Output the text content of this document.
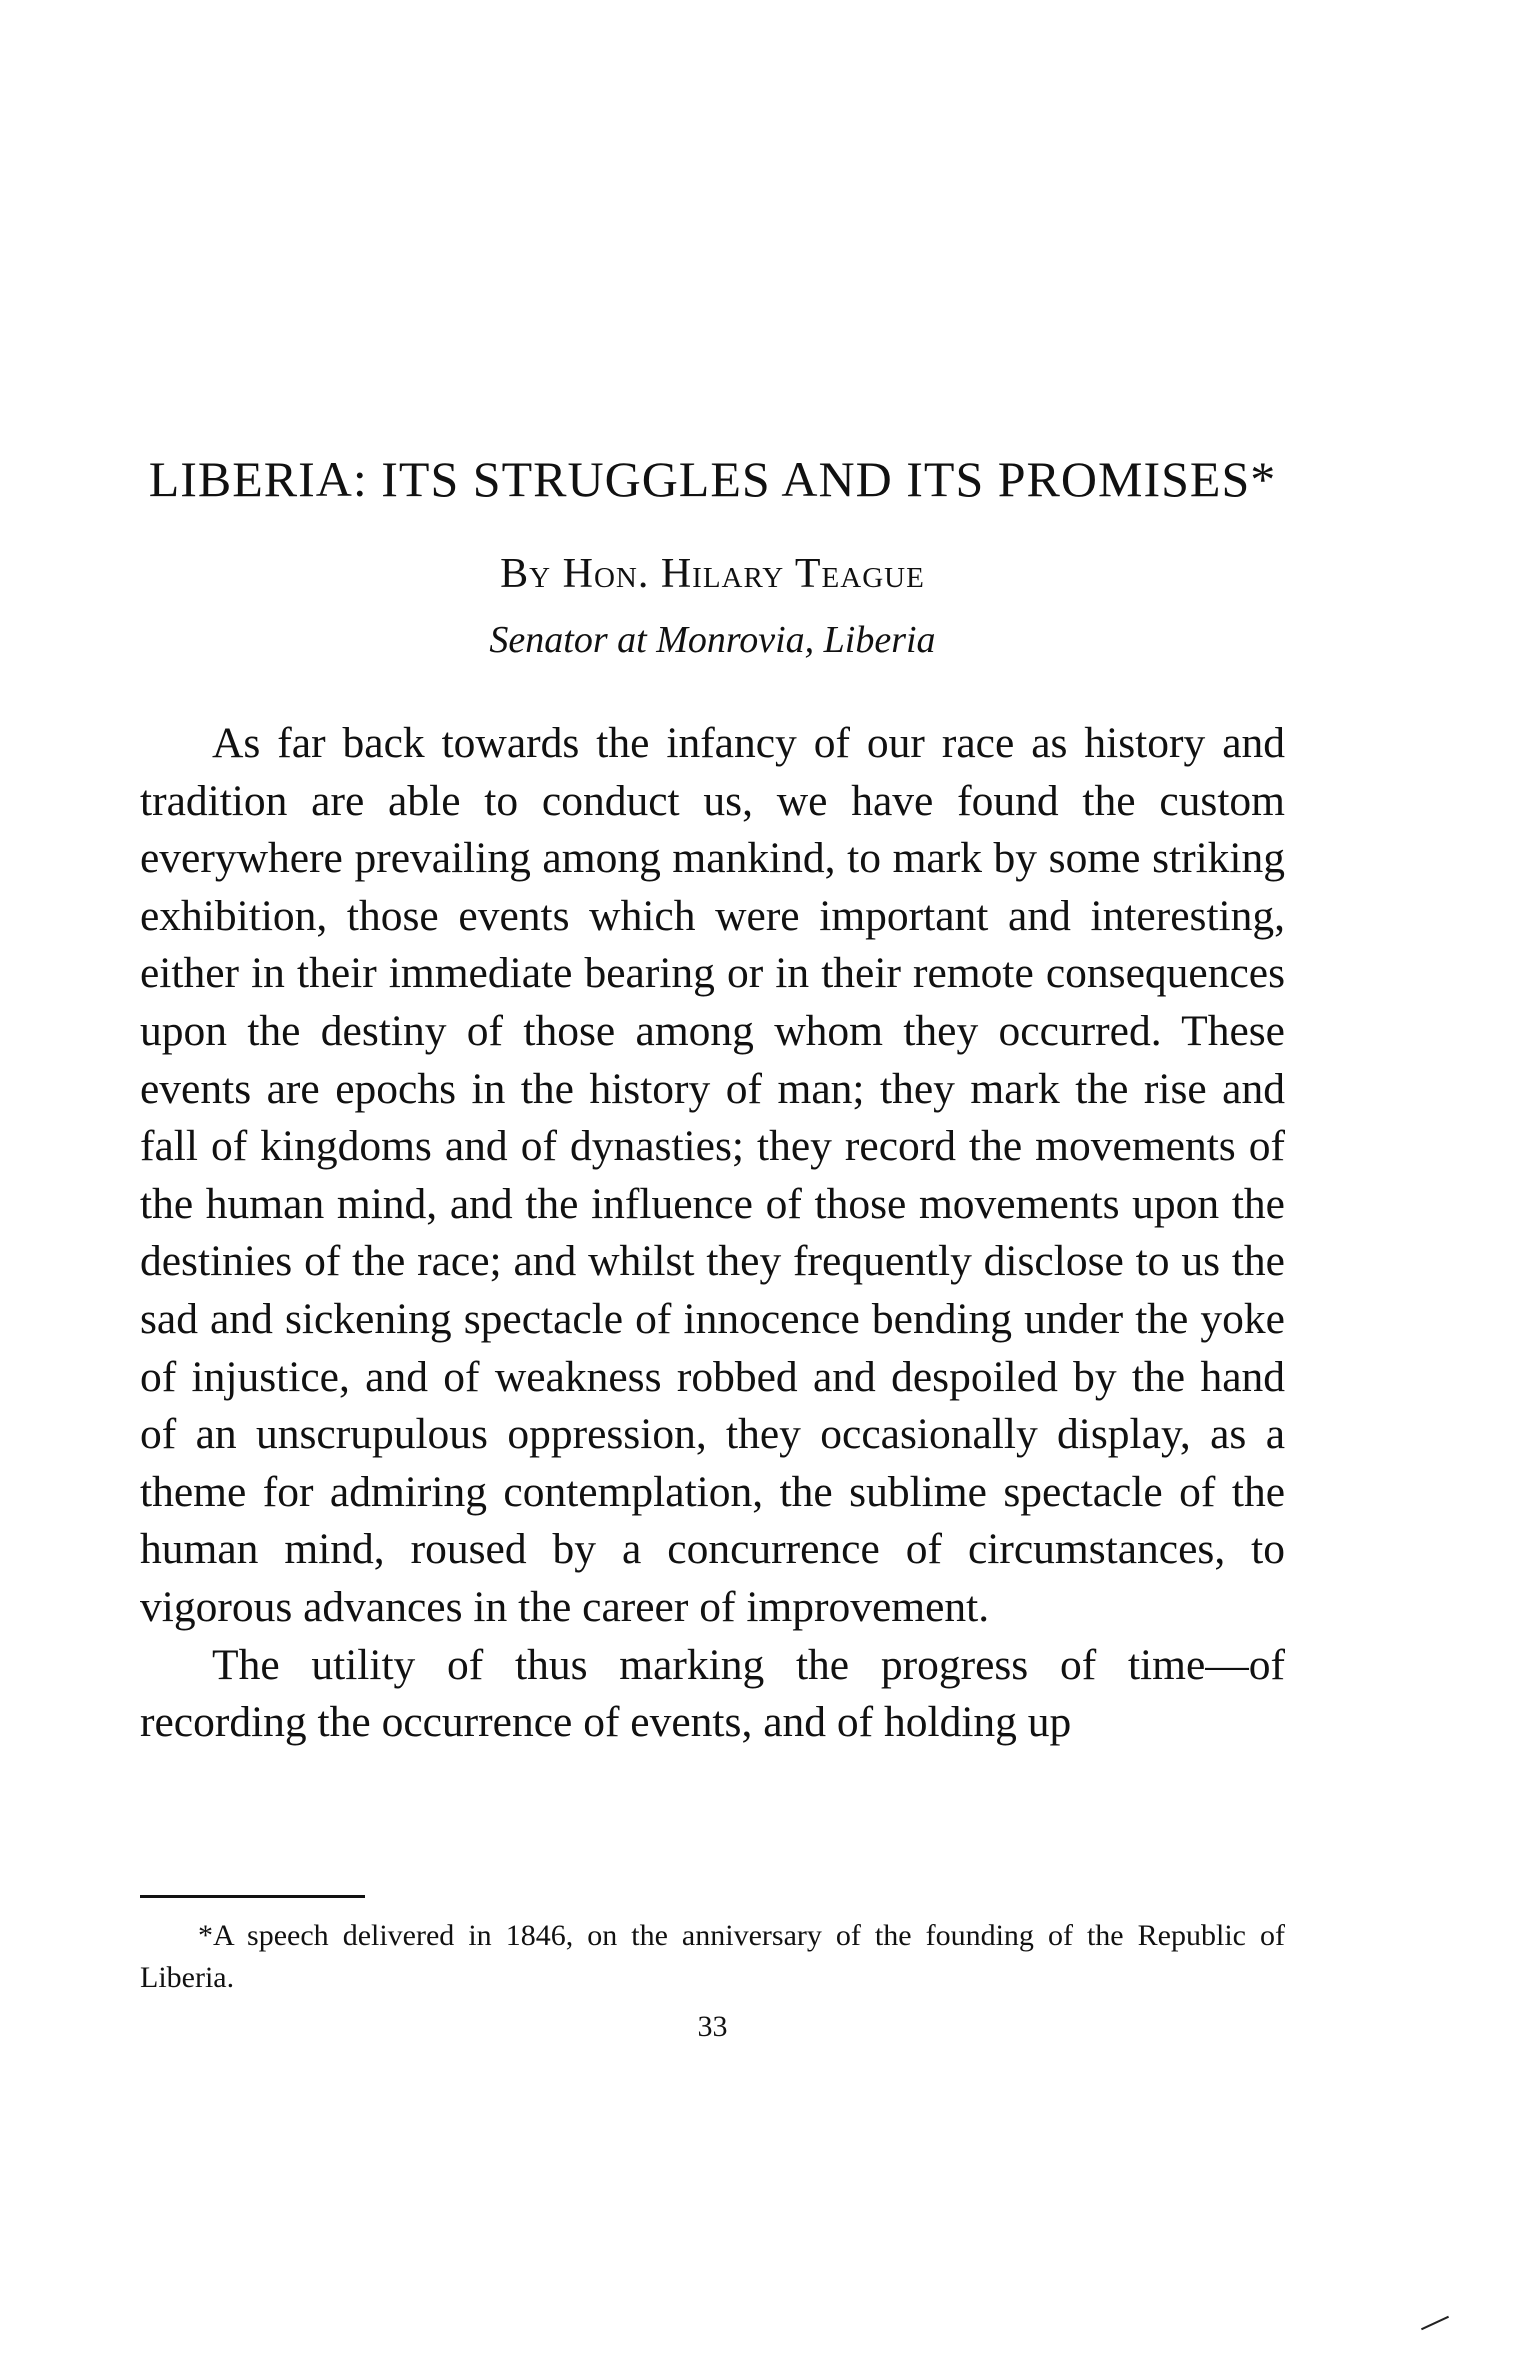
LIBERIA: ITS STRUGGLES AND ITS PROMISES*
By Hon. Hilary Teague
Senator at Monrovia, Liberia

As far back towards the infancy of our race as history and tradition are able to conduct us, we have found the custom everywhere prevailing among mankind, to mark by some striking exhibition, those events which were important and interesting, either in their immediate bearing or in their remote consequences upon the destiny of those among whom they occurred. These events are epochs in the history of man; they mark the rise and fall of kingdoms and of dynasties; they record the movements of the human mind, and the influence of those movements upon the destinies of the race; and whilst they frequently disclose to us the sad and sickening spectacle of innocence bending under the yoke of injustice, and of weakness robbed and despoiled by the hand of an unscrupulous oppression, they occasionally display, as a theme for admiring contemplation, the sublime spectacle of the human mind, roused by a concurrence of circumstances, to vigorous advances in the career of improvement.

The utility of thus marking the progress of time—of recording the occurrence of events, and of holding up

*A speech delivered in 1846, on the anniversary of the founding of the Republic of Liberia.

33
